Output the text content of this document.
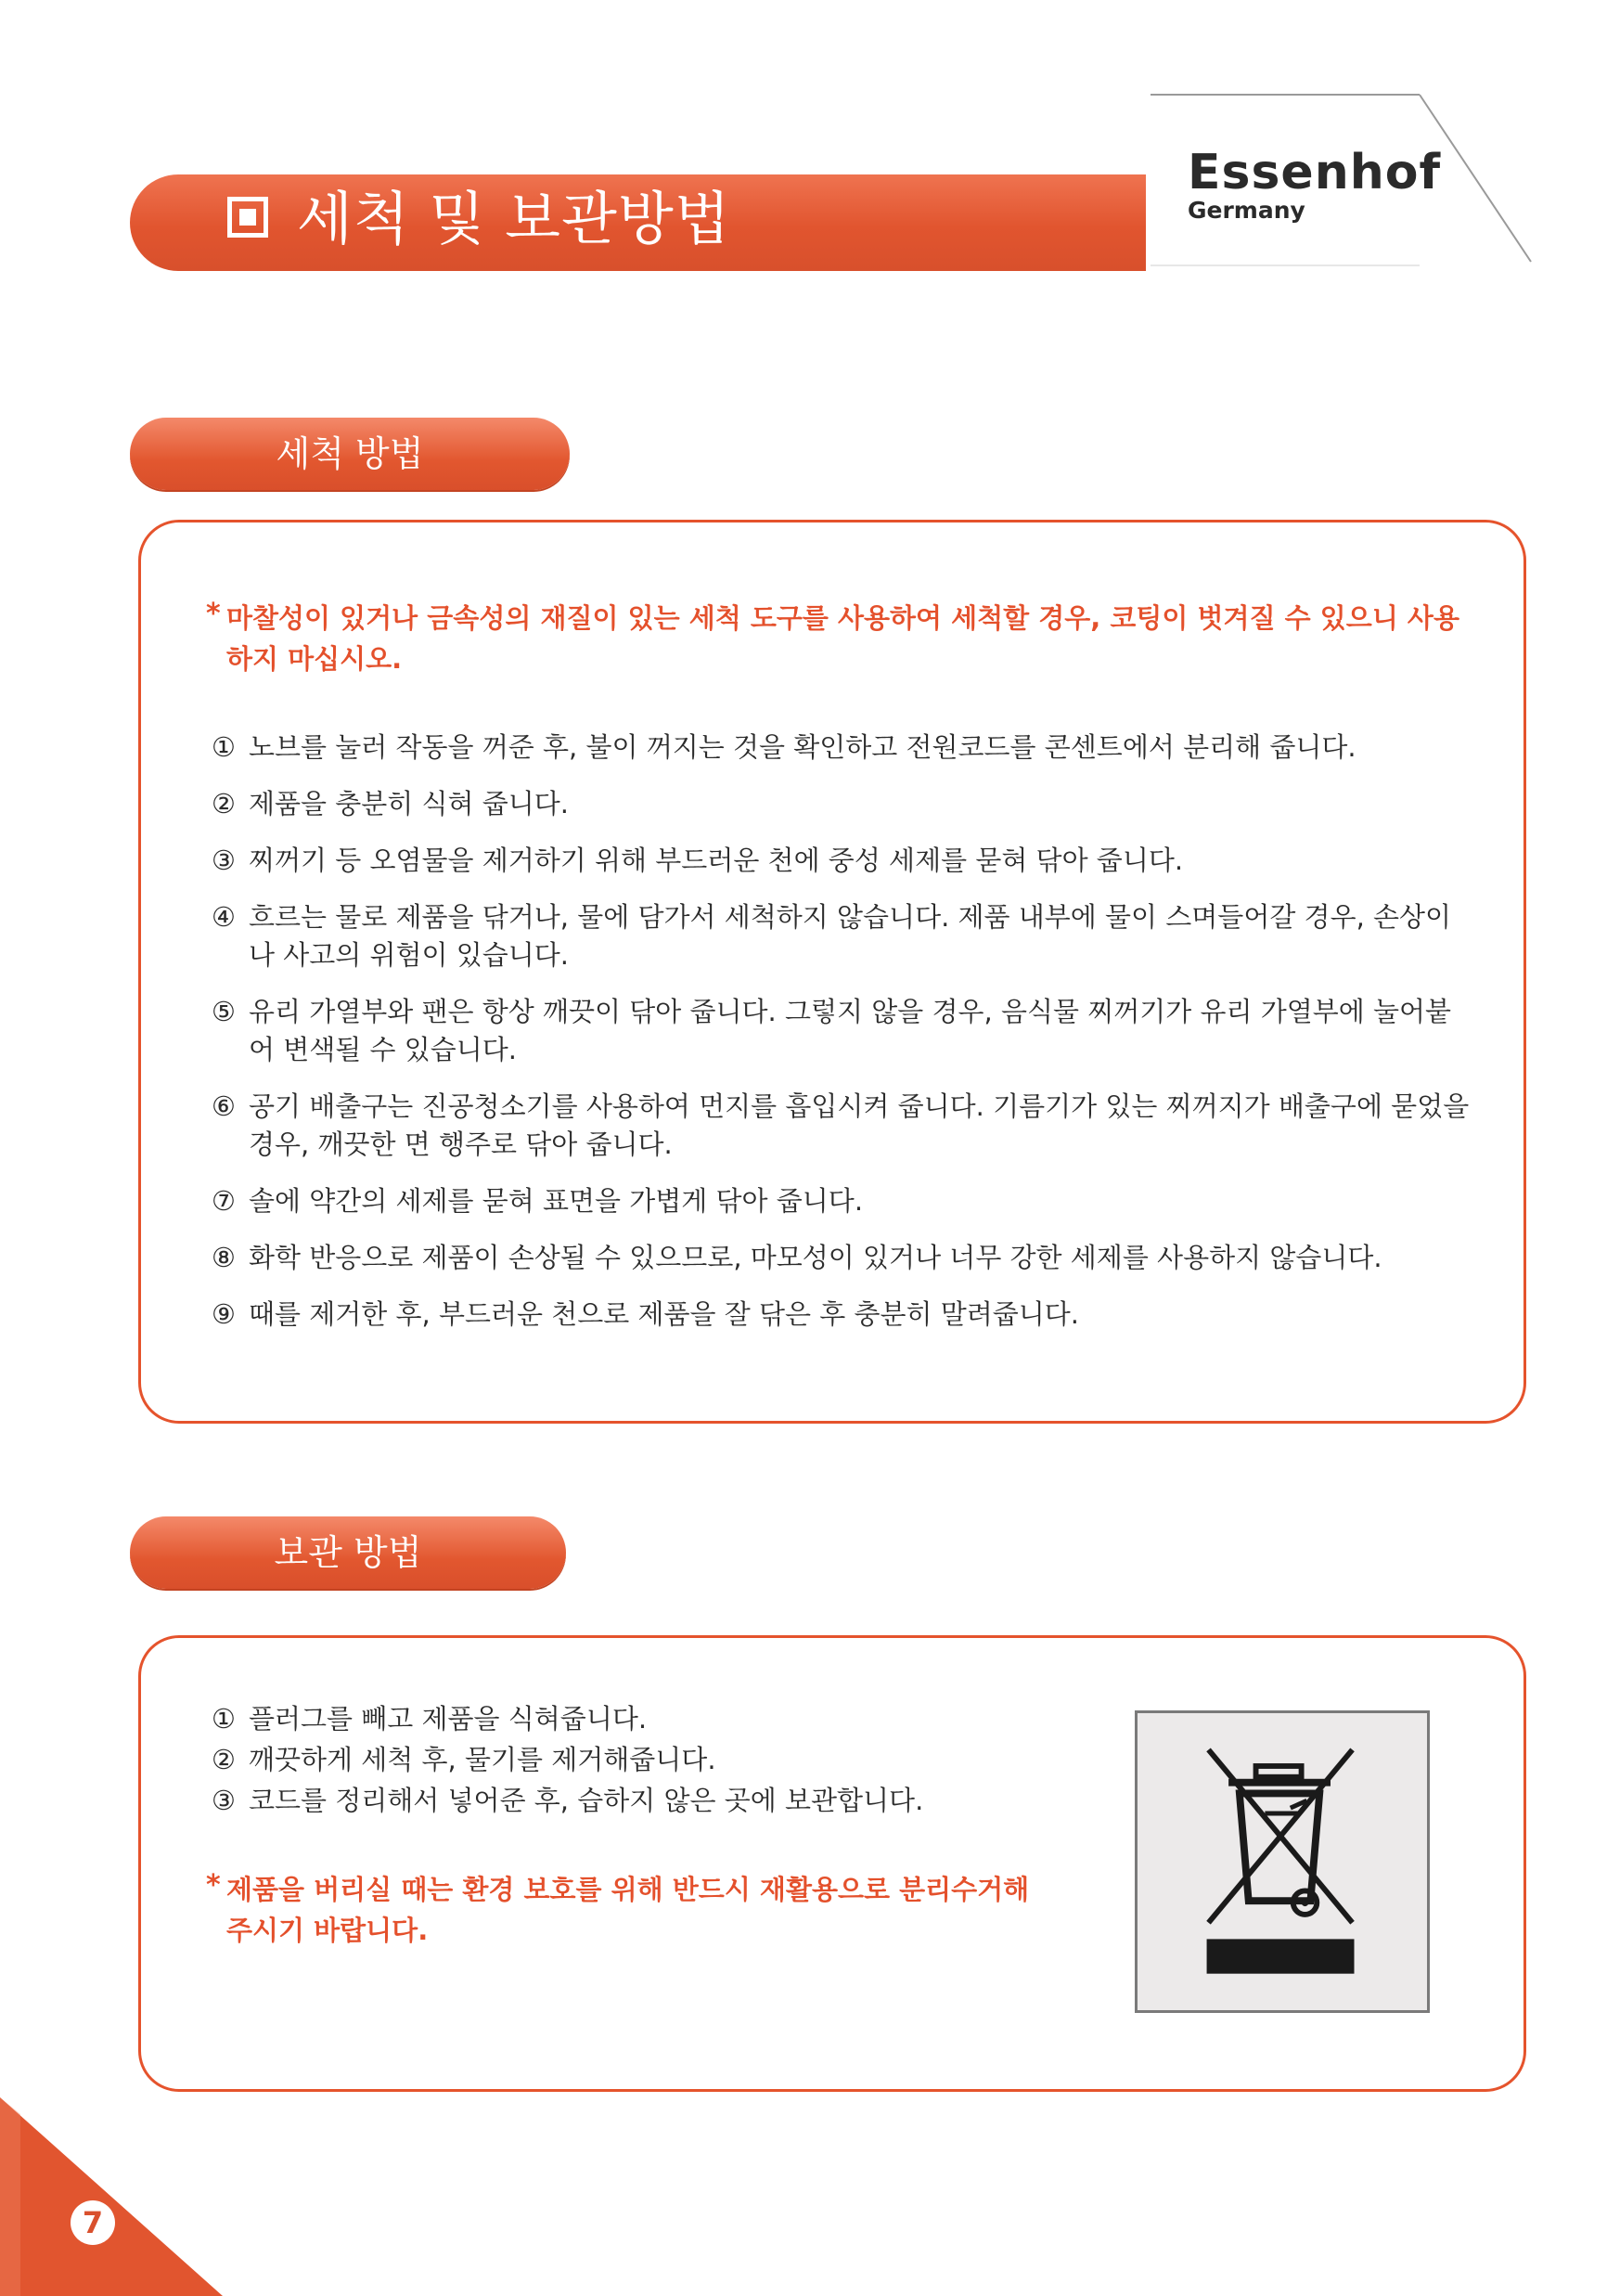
세척 및 보관방법
Essenhof
Germany
세척 방법
* 마찰성이 있거나 금속성의 재질이 있는 세척 도구를 사용하여 세척할 경우, 코팅이 벗겨질 수 있으니 사용 하지 마십시오.
① 노브를 눌러 작동을 꺼준 후, 불이 꺼지는 것을 확인하고 전원코드를 콘센트에서 분리해 줍니다.
② 제품을 충분히 식혀 줍니다.
③ 찌꺼기 등 오염물을 제거하기 위해 부드러운 천에 중성 세제를 묻혀 닦아 줍니다.
④ 흐르는 물로 제품을 닦거나, 물에 담가서 세척하지 않습니다. 제품 내부에 물이 스며들어갈 경우, 손상이나 사고의 위험이 있습니다.
⑤ 유리 가열부와 팬은 항상 깨끗이 닦아 줍니다. 그렇지 않을 경우, 음식물 찌꺼기가 유리 가열부에 눌어붙어 변색될 수 있습니다.
⑥ 공기 배출구는 진공청소기를 사용하여 먼지를 흡입시켜 줍니다. 기름기가 있는 찌꺼지가 배출구에 묻었을 경우, 깨끗한 면 행주로 닦아 줍니다.
⑦ 솔에 약간의 세제를 묻혀 표면을 가볍게 닦아 줍니다.
⑧ 화학 반응으로 제품이 손상될 수 있으므로, 마모성이 있거나 너무 강한 세제를 사용하지 않습니다.
⑨ 때를 제거한 후, 부드러운 천으로 제품을 잘 닦은 후 충분히 말려줍니다.
보관 방법
① 플러그를 빼고 제품을 식혀줍니다.
② 깨끗하게 세척 후, 물기를 제거해줍니다.
③ 코드를 정리해서 넣어준 후, 습하지 않은 곳에 보관합니다.
* 제품을 버리실 때는 환경 보호를 위해 반드시 재활용으로 분리수거해 주시기 바랍니다.
7
